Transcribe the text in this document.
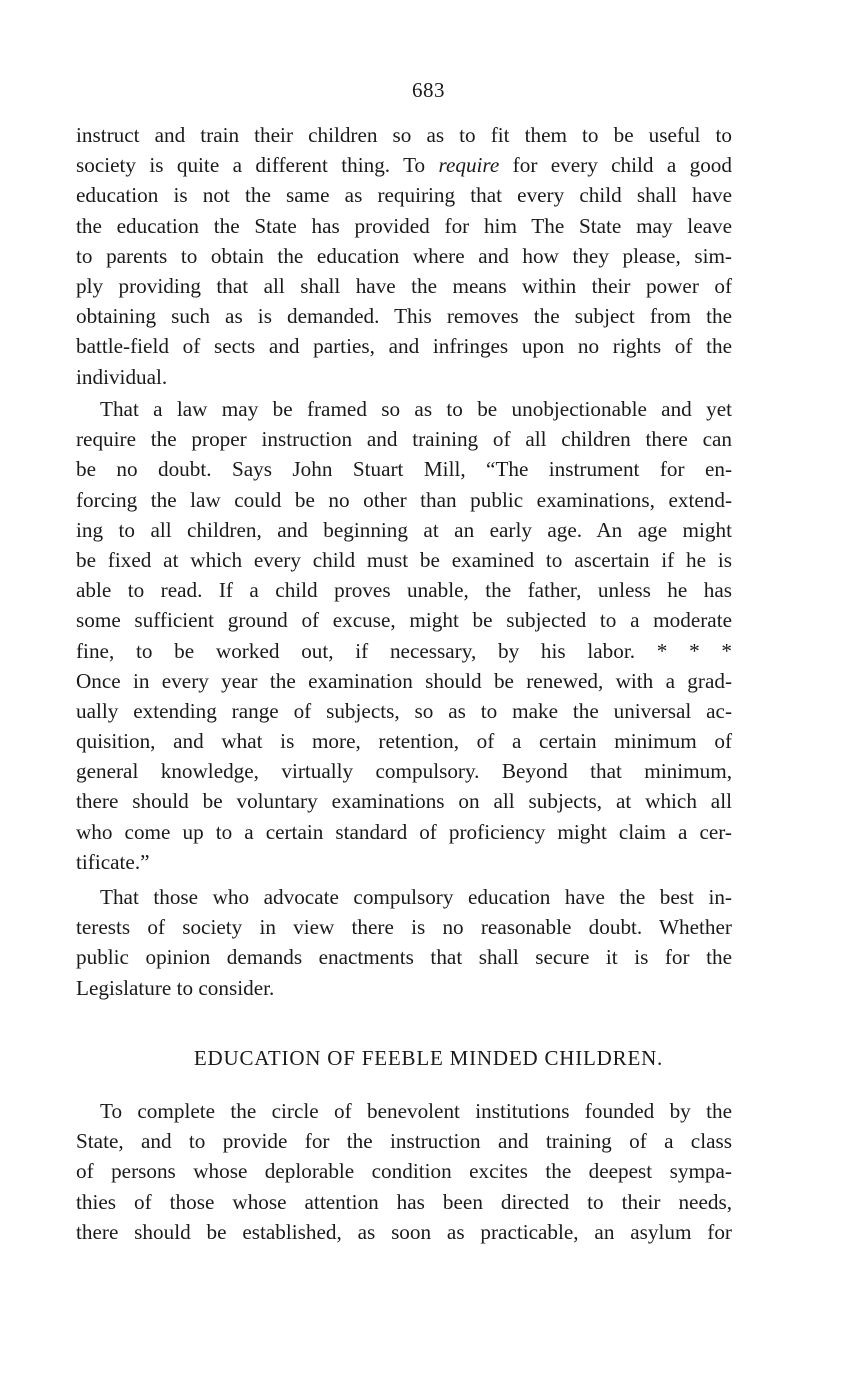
683
instruct and train their children so as to fit them to be useful to
society is quite a different thing. To require for every child a good
education is not the same as requiring that every child shall have
the education the State has provided for him The State may leave
to parents to obtain the education where and how they please, sim-
ply providing that all shall have the means within their power of
obtaining such as is demanded. This removes the subject from the
battle-field of sects and parties, and infringes upon no rights of the
individual.
That a law may be framed so as to be unobjectionable and yet
require the proper instruction and training of all children there can
be no doubt. Says John Stuart Mill, “The instrument for en-
forcing the law could be no other than public examinations, extend-
ing to all children, and beginning at an early age. An age might
be fixed at which every child must be examined to ascertain if he is
able to read. If a child proves unable, the father, unless he has
some sufficient ground of excuse, might be subjected to a moderate
fine, to be worked out, if necessary, by his labor. * * *
Once in every year the examination should be renewed, with a grad-
ually extending range of subjects, so as to make the universal ac-
quisition, and what is more, retention, of a certain minimum of
general knowledge, virtually compulsory. Beyond that minimum,
there should be voluntary examinations on all subjects, at which all
who come up to a certain standard of proficiency might claim a cer-
tificate.”
That those who advocate compulsory education have the best in-
terests of society in view there is no reasonable doubt. Whether
public opinion demands enactments that shall secure it is for the
Legislature to consider.
EDUCATION OF FEEBLE MINDED CHILDREN.
To complete the circle of benevolent institutions founded by the
State, and to provide for the instruction and training of a class
of persons whose deplorable condition excites the deepest sympa-
thies of those whose attention has been directed to their needs,
there should be established, as soon as practicable, an asylum for
